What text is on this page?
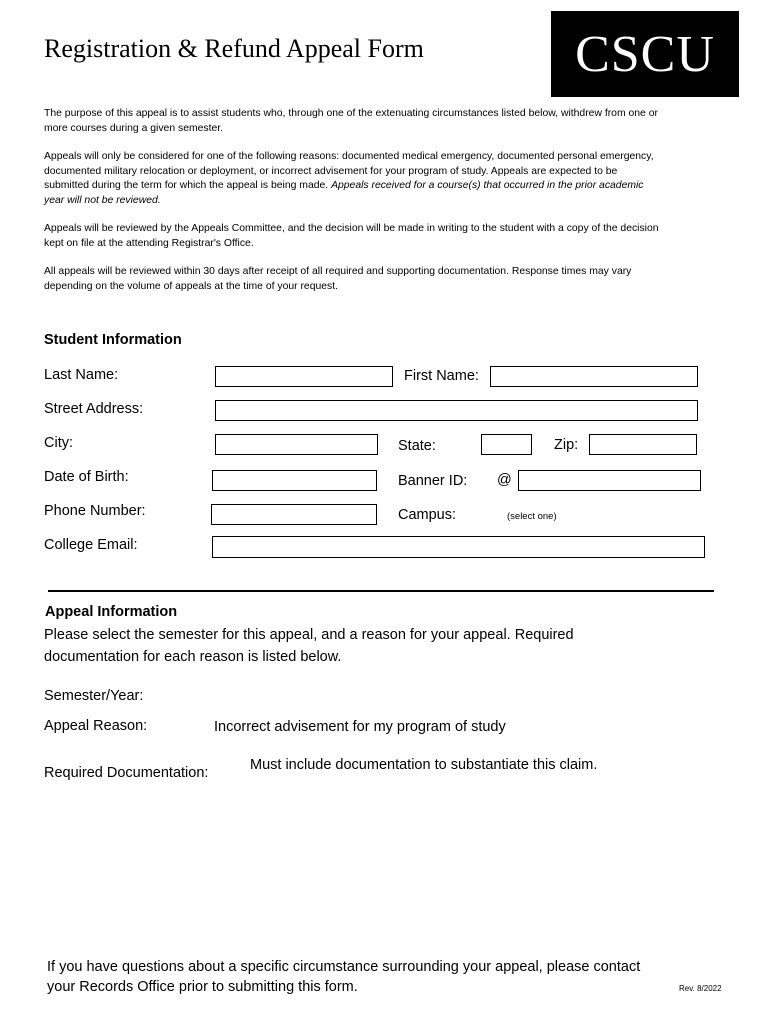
Registration & Refund Appeal Form	CSCU
The purpose of this appeal is to assist students who, through one of the extenuating circumstances listed below, withdrew from one or more courses during a given semester.
Appeals will only be considered for one of the following reasons: documented medical emergency, documented personal emergency, documented military relocation or deployment, or incorrect advisement for your program of study. Appeals are expected to be submitted during the term for which the appeal is being made. Appeals received for a course(s) that occurred in the prior academic year will not be reviewed.
Appeals will be reviewed by the Appeals Committee, and the decision will be made in writing to the student with a copy of the decision kept on file at the attending Registrar's Office.
All appeals will be reviewed within 30 days after receipt of all required and supporting documentation. Response times may vary depending on the volume of appeals at the time of your request.
Student Information
Last Name:	First Name:
Street Address:
City:	State:	Zip:
Date of Birth:	Banner ID: @
Phone Number:	Campus:	(select one)
College Email:
Appeal Information
Please select the semester for this appeal, and a reason for your appeal. Required documentation for each reason is listed below.
Semester/Year:
Appeal Reason:	Incorrect advisement for my program of study
Required Documentation:	Must include documentation to substantiate this claim.
If you have questions about a specific circumstance surrounding your appeal, please contact your Records Office prior to submitting this form.	Rev. 8/2022
